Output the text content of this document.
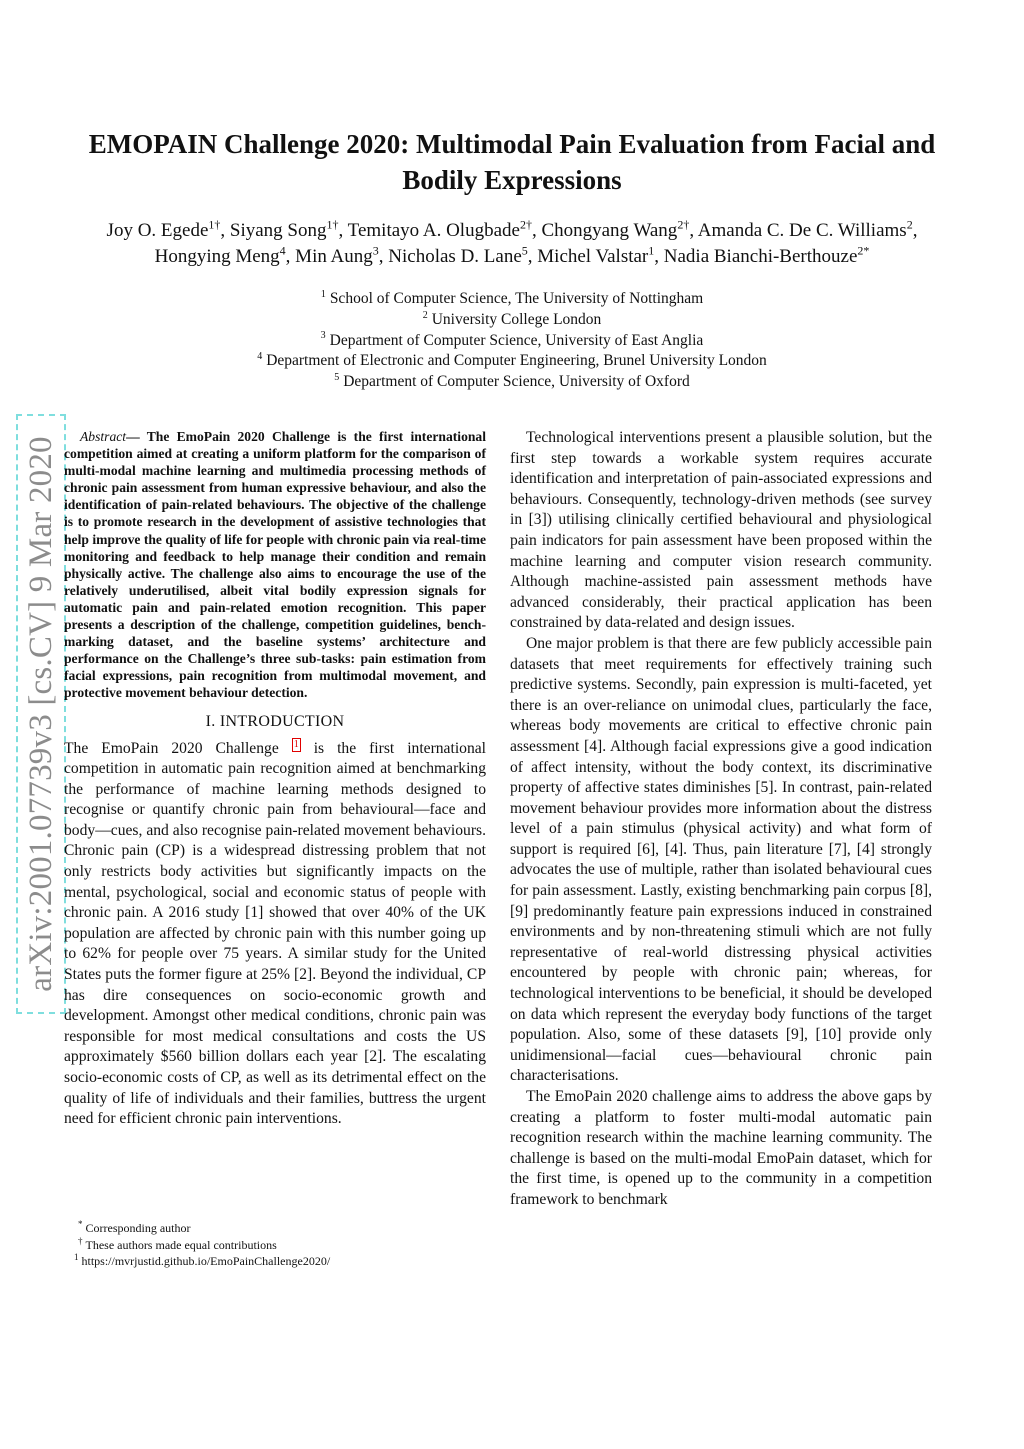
EMOPAIN Challenge 2020: Multimodal Pain Evaluation from Facial and Bodily Expressions
Joy O. Egede$^{1\dagger}$, Siyang Song$^{1\dagger}$, Temitayo A. Olugbade$^{2\dagger}$, Chongyang Wang$^{2\dagger}$, Amanda C. De C. Williams$^2$, Hongying Meng$^4$, Min Aung$^3$, Nicholas D. Lane$^5$, Michel Valstar$^1$, Nadia Bianchi-Berthouze$^{2*}$
$^1$ School of Computer Science, The University of Nottingham
$^2$ University College London
$^3$ Department of Computer Science, University of East Anglia
$^4$ Department of Electronic and Computer Engineering, Brunel University London
$^5$ Department of Computer Science, University of Oxford
arXiv:2001.07739v3 [cs.CV] 9 Mar 2020	Abstract— The EmoPain 2020 Challenge is the first international competition aimed at creating a uniform platform for the comparison of multi-modal machine learning and multimedia processing methods of chronic pain assessment from human expressive behaviour, and also the identification of pain-related behaviours. The objective of the challenge is to promote research in the development of assistive technologies that help improve the quality of life for people with chronic pain via real-time monitoring and feedback to help manage their condition and remain physically active. The challenge also aims to encourage the use of the relatively underutilised, albeit vital bodily expression signals for automatic pain and pain-related emotion recognition. This paper presents a description of the challenge, competition guidelines, bench-marking dataset, and the baseline systems’ architecture and performance on the Challenge’s three sub-tasks: pain estimation from facial expressions, pain recognition from multimodal movement, and protective movement behaviour detection.

I. INTRODUCTION

The EmoPain 2020 Challenge 1 is the first international competition in automatic pain recognition aimed at benchmarking the performance of machine learning methods designed to recognise or quantify chronic pain from behavioural—face and body—cues, and also recognise pain-related movement behaviours. Chronic pain (CP) is a widespread distressing problem that not only restricts body activities but significantly impacts on the mental, psychological, social and economic status of people with chronic pain. A 2016 study [1] showed that over 40% of the UK population are affected by chronic pain with this number going up to 62% for people over 75 years. A similar study for the United States puts the former figure at 25% [2]. Beyond the individual, CP has dire consequences on socio-economic growth and development. Amongst other medical conditions, chronic pain was responsible for most medical consultations and costs the US approximately $560 billion dollars each year [2]. The escalating socio-economic costs of CP, as well as its detrimental effect on the quality of life of individuals and their families, buttress the urgent need for efficient chronic pain interventions.

Technological interventions present a plausible solution, but the first step towards a workable system requires accurate identification and interpretation of pain-associated expressions and behaviours. Consequently, technology-driven methods (see survey in [3]) utilising clinically certified behavioural and physiological pain indicators for pain assessment have been proposed within the machine learning and computer vision research community. Although machine-assisted pain assessment methods have advanced considerably, their practical application has been constrained by data-related and design issues.

One major problem is that there are few publicly accessible pain datasets that meet requirements for effectively training such predictive systems. Secondly, pain expression is multi-faceted, yet there is an over-reliance on unimodal clues, particularly the face, whereas body movements are critical to effective chronic pain assessment [4]. Although facial expressions give a good indication of affect intensity, without the body context, its discriminative property of affective states diminishes [5]. In contrast, pain-related movement behaviour provides more information about the distress level of a pain stimulus (physical activity) and what form of support is required [6], [4]. Thus, pain literature [7], [4] strongly advocates the use of multiple, rather than isolated behavioural cues for pain assessment. Lastly, existing benchmarking pain corpus [8], [9] predominantly feature pain expressions induced in constrained environments and by non-threatening stimuli which are not fully representative of real-world distressing physical activities encountered by people with chronic pain; whereas, for technological interventions to be beneficial, it should be developed on data which represent the everyday body functions of the target population. Also, some of these datasets [9], [10] provide only unidimensional—facial cues—behavioural chronic pain characterisations.

The EmoPain 2020 challenge aims to address the above gaps by creating a platform to foster multi-modal automatic pain recognition research within the machine learning community. The challenge is based on the multi-modal EmoPain dataset, which for the first time, is opened up to the community in a competition framework to benchmark

* Corresponding author
† These authors made equal contributions
$^1$ https://mvrjustid.github.io/EmoPainChallenge2020/
